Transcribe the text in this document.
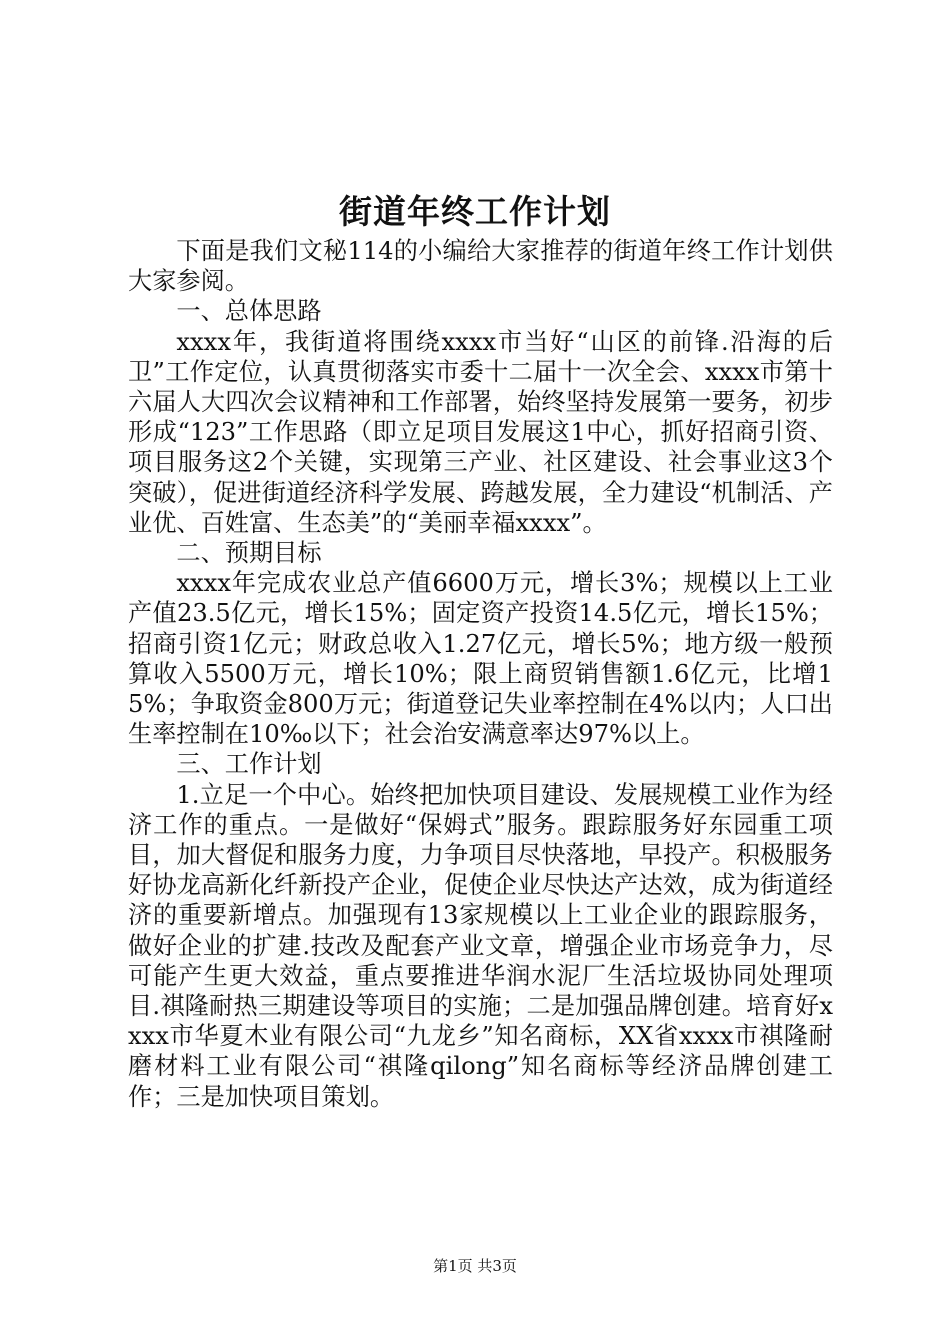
街道年终工作计划

下面是我们文秘114的小编给大家推荐的街道年终工作计划供大家参阅。

一、总体思路

xxxx年，我街道将围绕xxxx市当好“山区的前锋.沿海的后卫”工作定位，认真贯彻落实市委十二届十一次全会、xxxx市第十六届人大四次会议精神和工作部署，始终坚持发展第一要务，初步形成“123”工作思路（即立足项目发展这1中心，抓好招商引资、项目服务这2个关键，实现第三产业、社区建设、社会事业这3个突破），促进街道经济科学发展、跨越发展，全力建设“机制活、产业优、百姓富、生态美”的“美丽幸福xxxx”。

二、预期目标

xxxx年完成农业总产值6600万元，增长3%；规模以上工业产值23.5亿元，增长15%；固定资产投资14.5亿元，增长15%；招商引资1亿元；财政总收入1.27亿元，增长5%；地方级一般预算收入5500万元，增长10%；限上商贸销售额1.6亿元，比增15%；争取资金800万元；街道登记失业率控制在4%以内；人口出生率控制在10‰以下；社会治安满意率达97%以上。

三、工作计划

1.立足一个中心。始终把加快项目建设、发展规模工业作为经济工作的重点。一是做好“保姆式”服务。跟踪服务好东园重工项目，加大督促和服务力度，力争项目尽快落地，早投产。积极服务好协龙高新化纤新投产企业，促使企业尽快达产达效，成为街道经济的重要新增点。加强现有13家规模以上工业企业的跟踪服务，做好企业的扩建.技改及配套产业文章，增强企业市场竞争力，尽可能产生更大效益，重点要推进华润水泥厂生活垃圾协同处理项目.祺隆耐热三期建设等项目的实施；二是加强品牌创建。培育好xxxx市华夏木业有限公司“九龙乡”知名商标，XX省xxxx市祺隆耐磨材料工业有限公司“祺隆qilong”知名商标等经济品牌创建工作；三是加快项目策划。

第1页 共3页
